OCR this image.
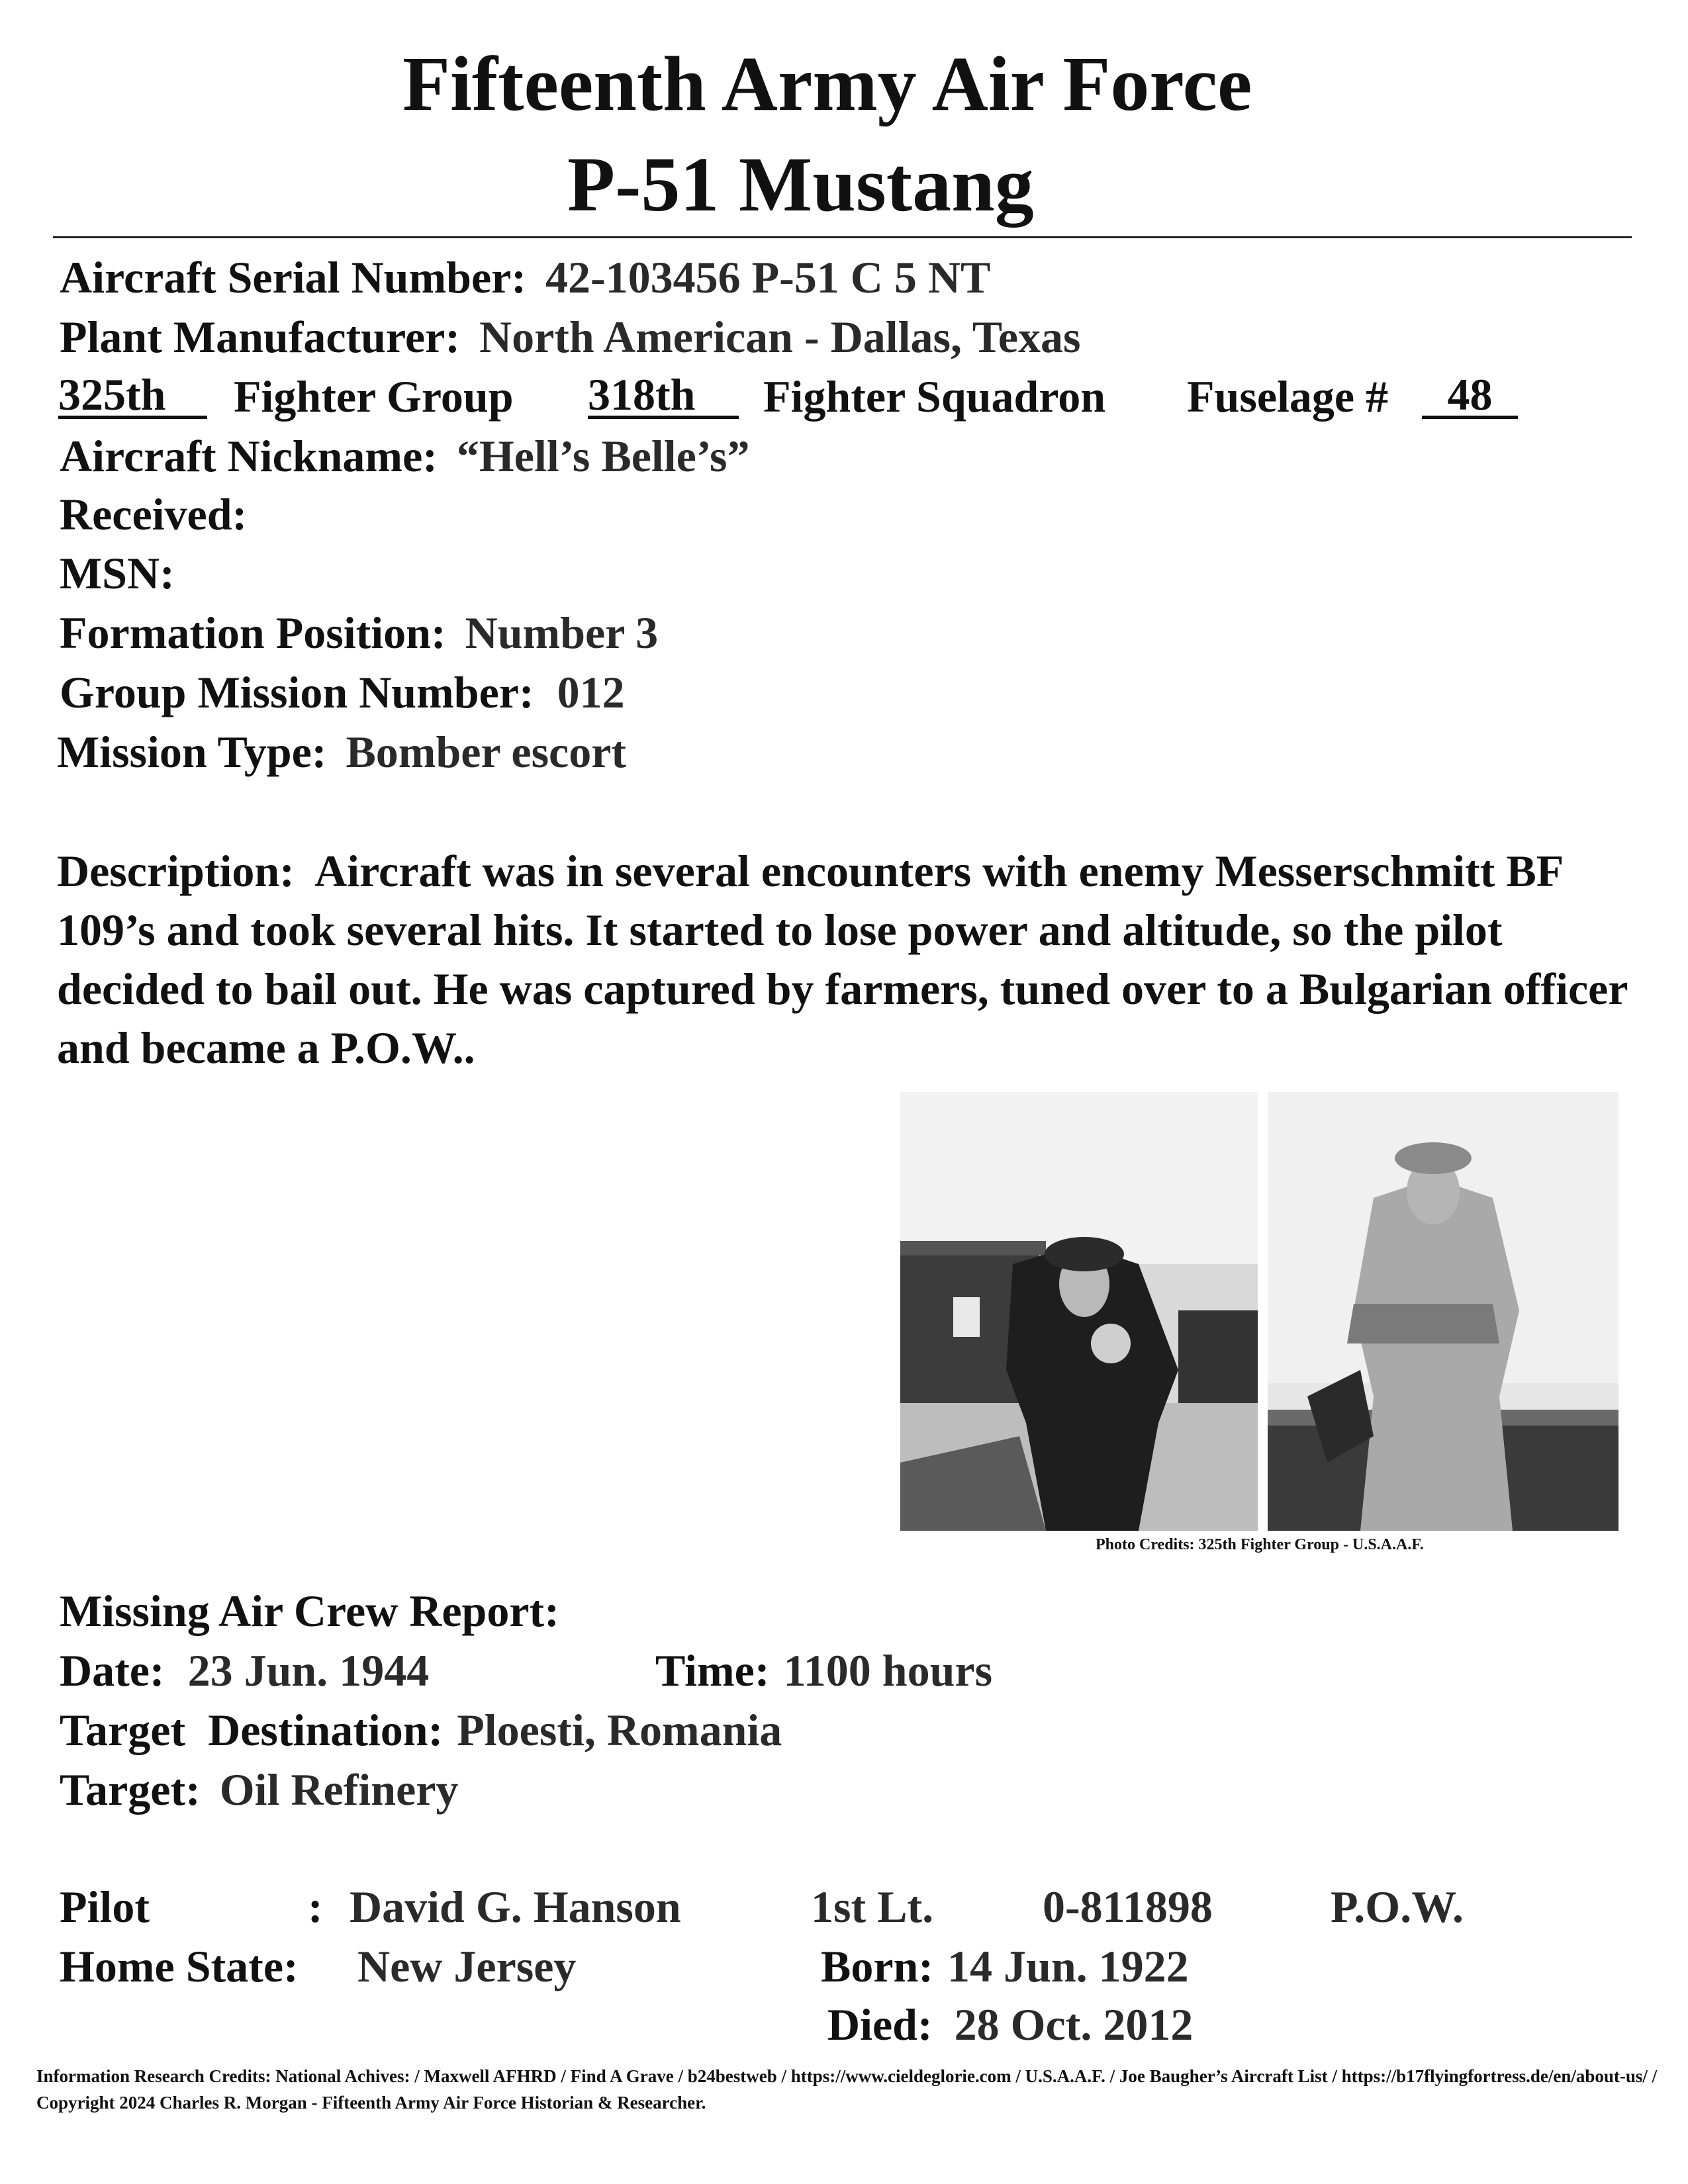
Fifteenth Army Air Force
P-51 Mustang
Aircraft Serial Number: 42-103456 P-51 C 5 NT
Plant Manufacturer: North American - Dallas, Texas
325th	Fighter Group 318th	Fighter Squadron Fuselage #	48
Aircraft Nickname: “Hell’s Belle’s”
Received:
MSN:
Formation Position: Number 3
Group Mission Number: 012
Mission Type: Bomber escort
Description: Aircraft was in several encounters with enemy Messerschmitt BF 109’s and took several hits. It started to lose power and altitude, so the pilot decided to bail out. He was captured by farmers, tuned over to a Bulgarian officer and became a P.O.W..
Photo Credits: 325th Fighter Group - U.S.A.A.F.
Missing Air Crew Report:
Date: 23 Jun. 1944	Time: 1100 hours
Target  Destination: Ploesti, Romania
Target: Oil Refinery
Pilot	: David G. Hanson	1st Lt. 0-811898	P.O.W.
Home State: New Jersey	Born: 14 Jun. 1922
Died: 28 Oct. 2012
Information Research Credits: National Achives: / Maxwell AFHRD / Find A Grave / b24bestweb / https://www.cieldeglorie.com / U.S.A.A.F. / Joe Baugher’s Aircraft List / https://b17flyingfortress.de/en/about-us/ / Copyright 2024 Charles R. Morgan - Fifteenth Army Air Force Historian & Researcher.
